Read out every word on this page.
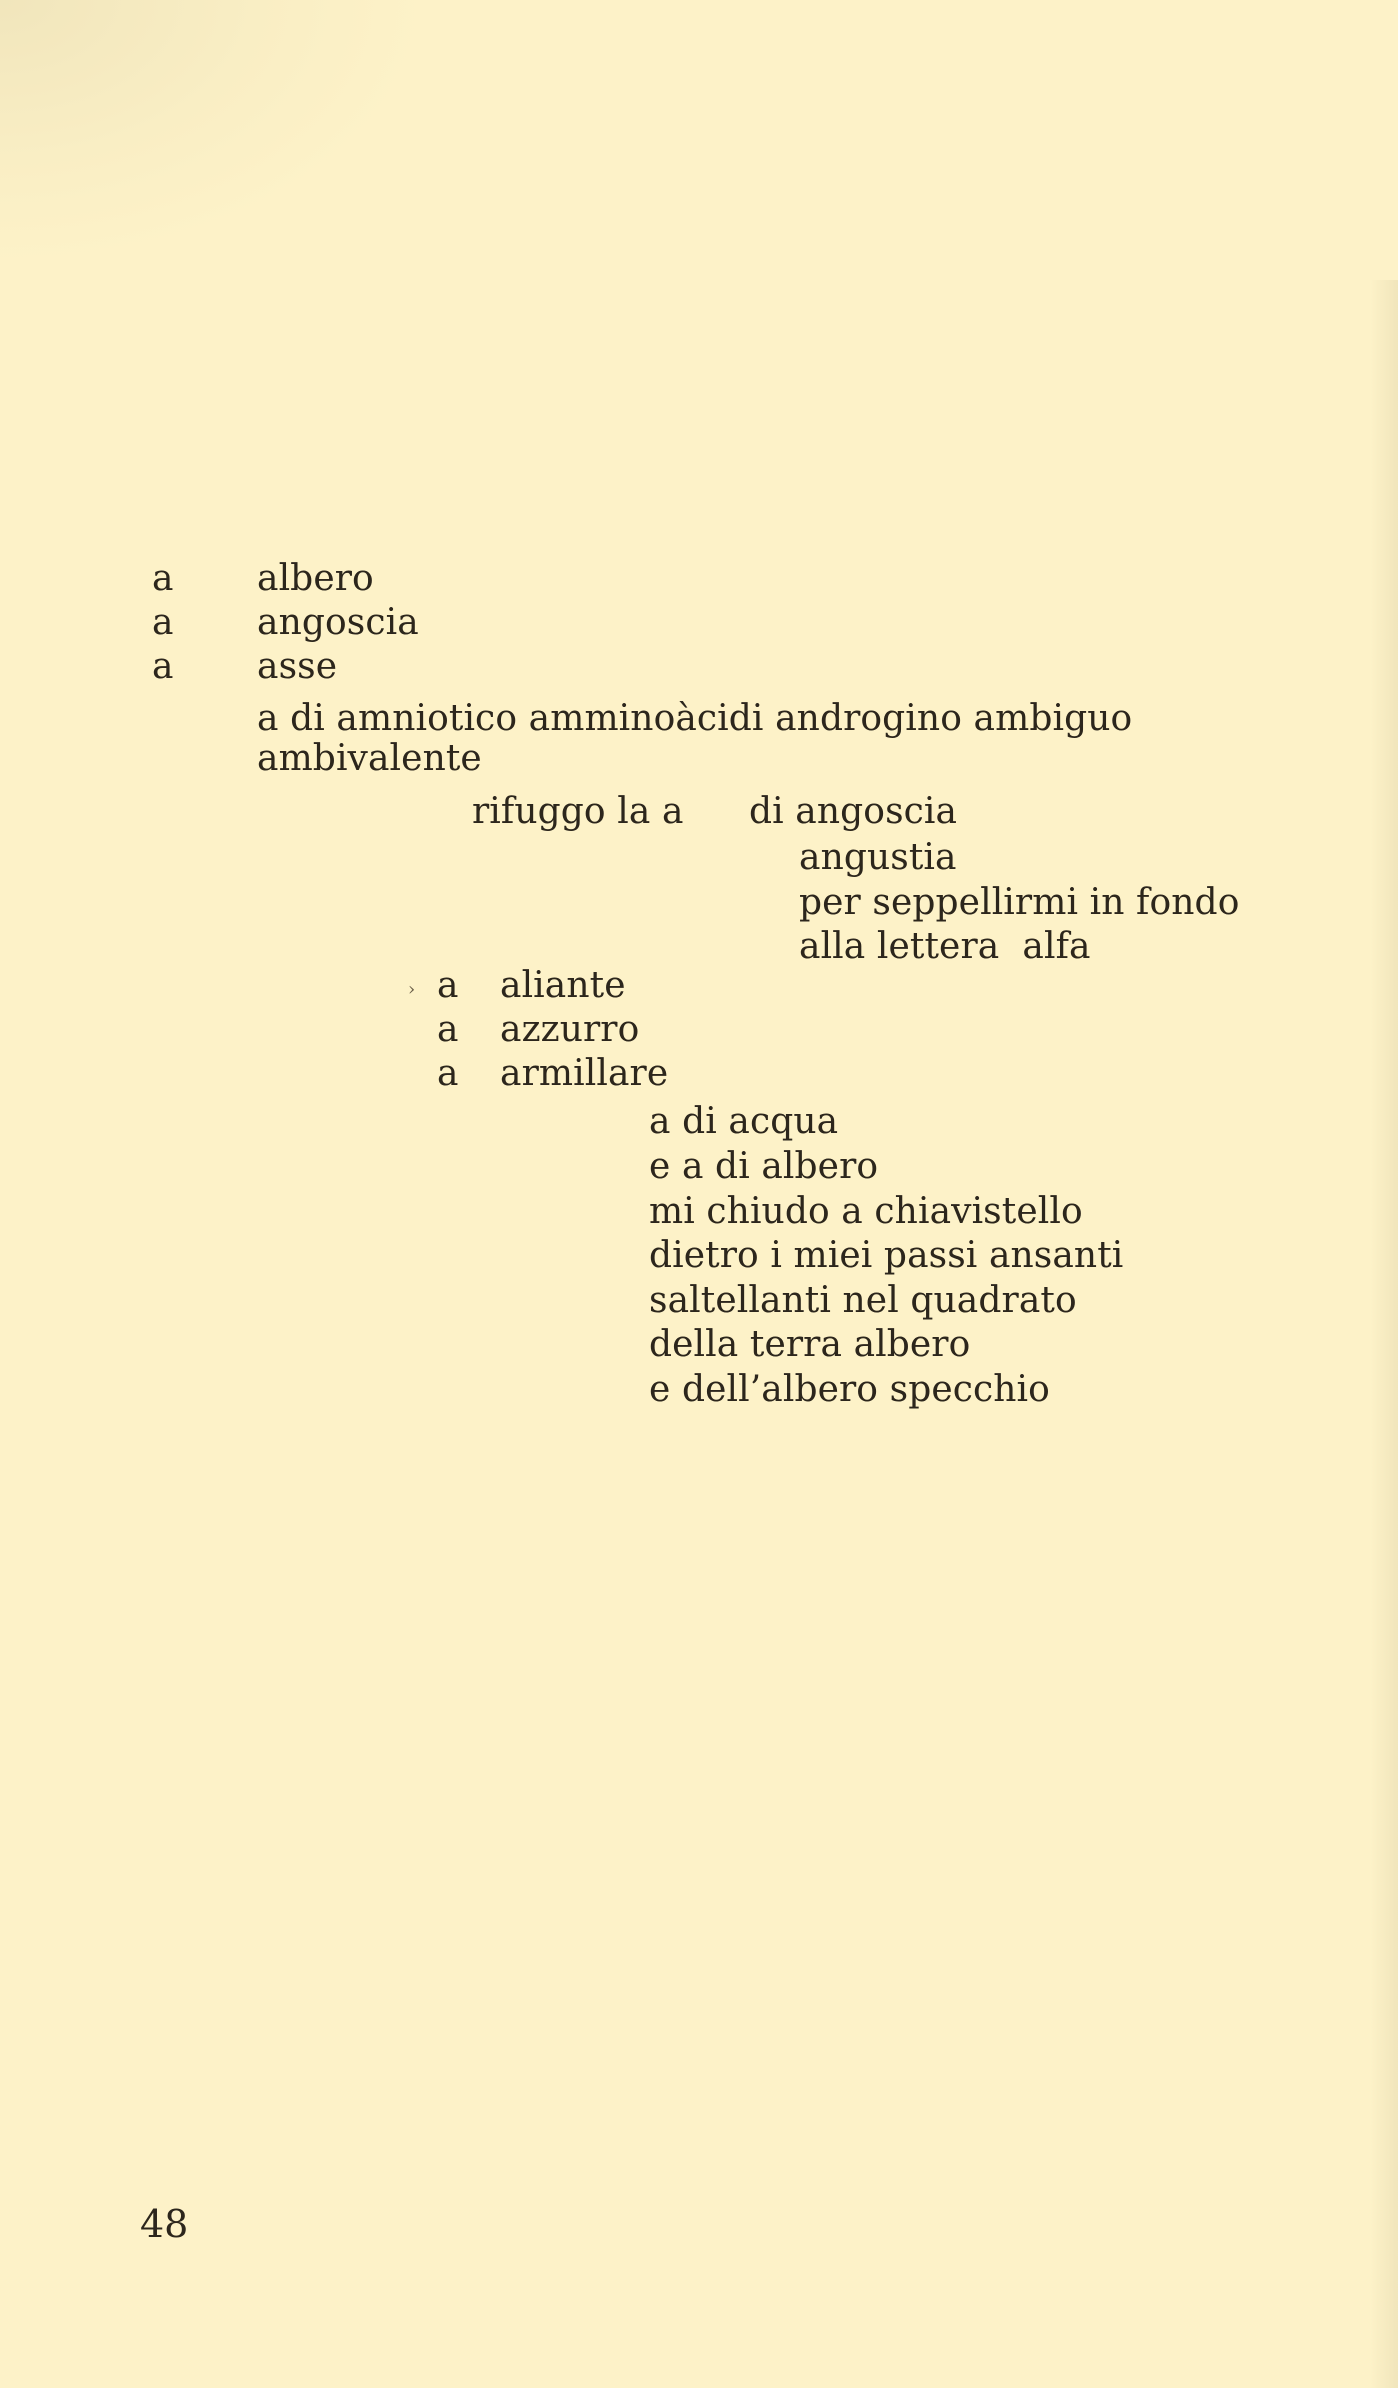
a albero
a angoscia
a asse
a di amniotico amminoàcidi androgino ambiguo
ambivalente
rifuggo la a di angoscia
angustia
per seppellirmi in fondo
alla lettera  alfa
› a aliante
a azzurro
a armillare
a di acqua
e a di albero
mi chiudo a chiavistello
dietro i miei passi ansanti
saltellanti nel quadrato
della terra albero
e dell’albero specchio
48
